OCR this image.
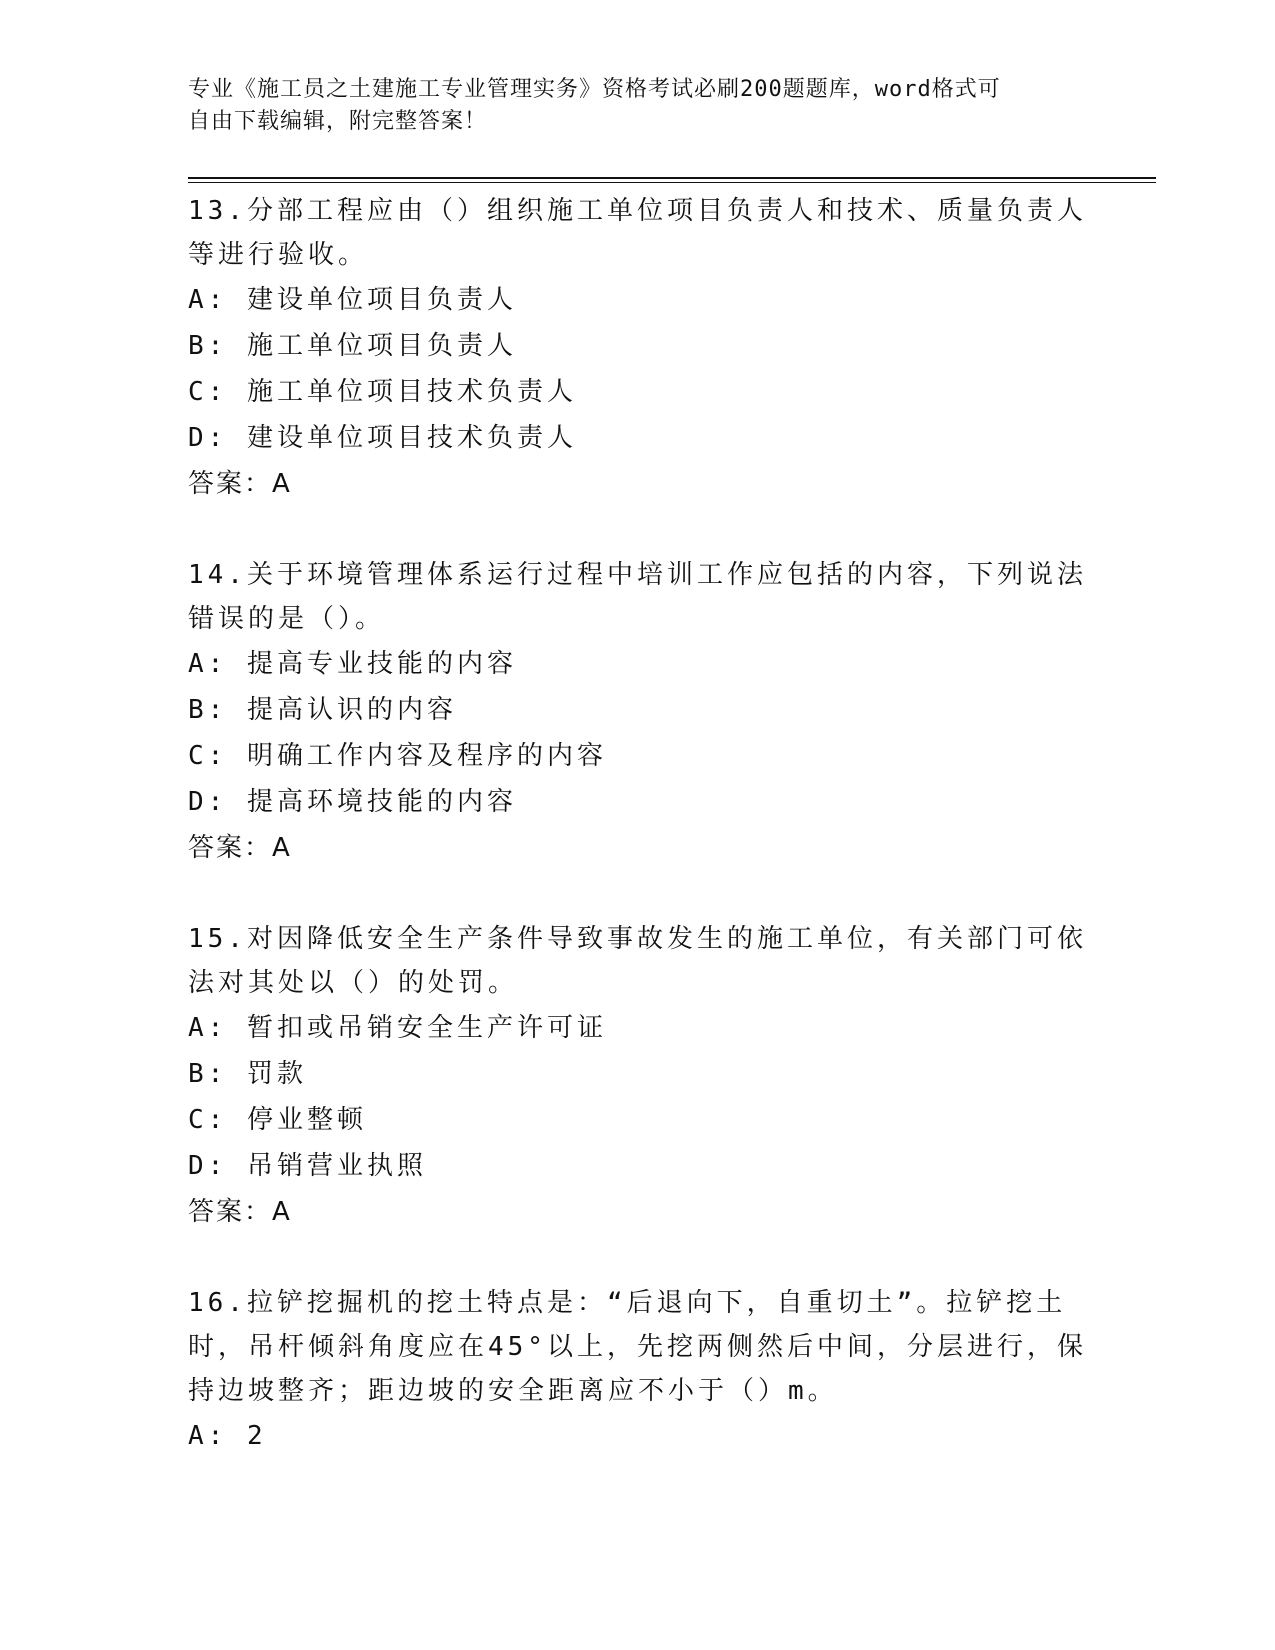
专业《施工员之土建施工专业管理实务》资格考试必刷200题题库，word格式可
自由下载编辑，附完整答案！
13.分部工程应由（）组织施工单位项目负责人和技术、质量负责人等进行验收。
A: 建设单位项目负责人
B: 施工单位项目负责人
C: 施工单位项目技术负责人
D: 建设单位项目技术负责人
答案：A
14.关于环境管理体系运行过程中培训工作应包括的内容，下列说法错误的是（）。
A: 提高专业技能的内容
B: 提高认识的内容
C: 明确工作内容及程序的内容
D: 提高环境技能的内容
答案：A
15.对因降低安全生产条件导致事故发生的施工单位，有关部门可依法对其处以（）的处罚。
A: 暂扣或吊销安全生产许可证
B: 罚款
C: 停业整顿
D: 吊销营业执照
答案：A
16.拉铲挖掘机的挖土特点是：“后退向下，自重切土”。拉铲挖土时，吊杆倾斜角度应在45°以上，先挖两侧然后中间，分层进行，保持边坡整齐；距边坡的安全距离应不小于（）m。
A: 2
